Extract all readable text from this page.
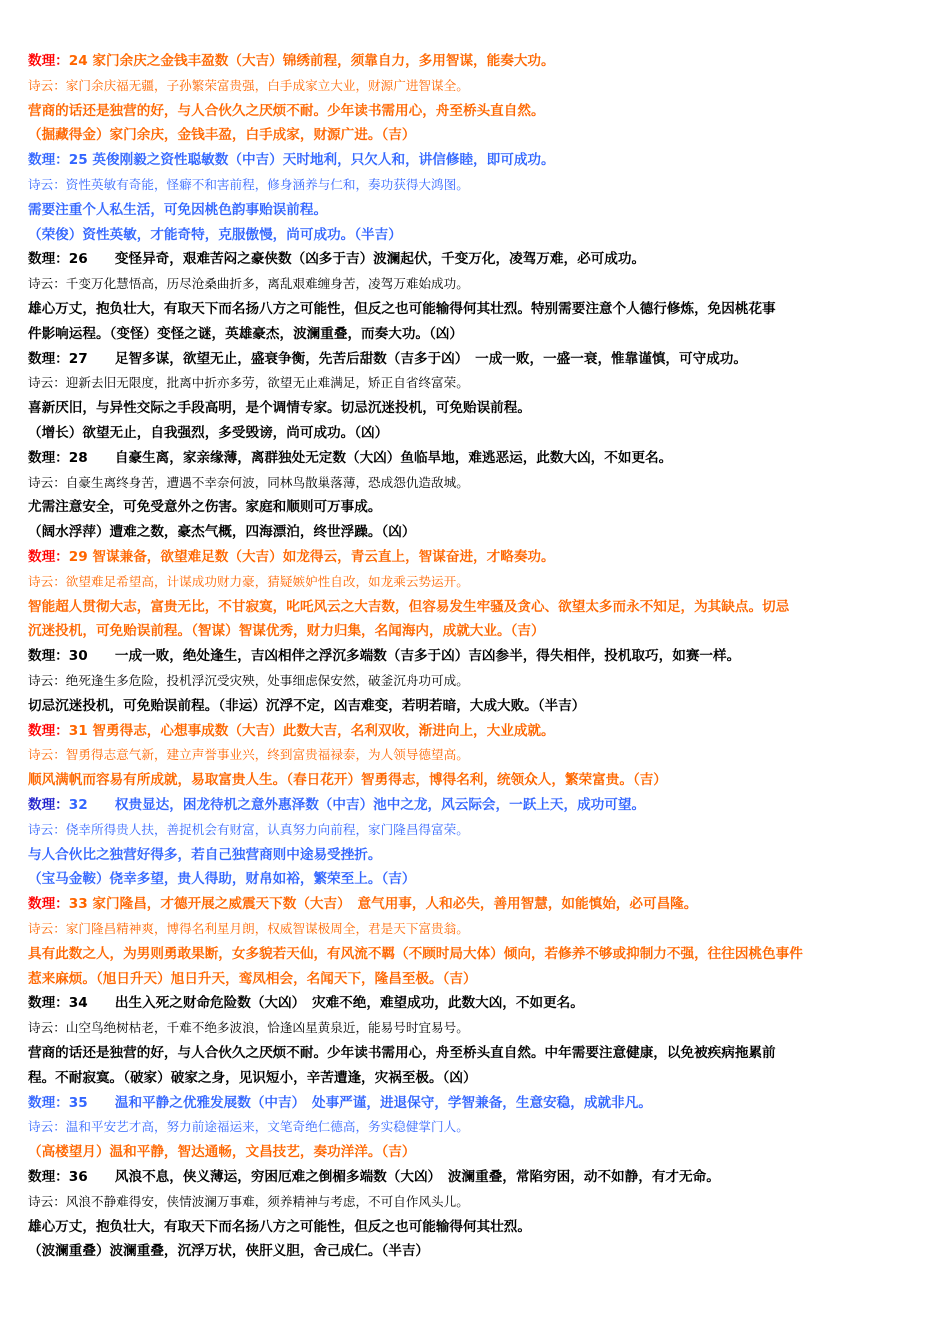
数理：24 家门余庆之金钱丰盈数（大吉）锦绣前程，须靠自力，多用智谋，能奏大功。
诗云：家门余庆福无疆，子孙繁荣富贵强，白手成家立大业，财源广进智谋全。
营商的话还是独营的好，与人合伙久之厌烦不耐。少年读书需用心，舟至桥头直自然。
（掘藏得金）家门余庆，金钱丰盈，白手成家，财源广进。（吉）
数理：25 英俊刚毅之资性聪敏数（中吉）天时地利，只欠人和，讲信修睦，即可成功。
诗云：资性英敏有奇能，怪癖不和害前程，修身涵养与仁和，奏功获得大鸿图。
需要注重个人私生活，可免因桃色韵事贻误前程。
（荣俊）资性英敏，才能奇特，克服傲慢，尚可成功。（半吉）
数理：26　　变怪异奇，艰难苦闷之豪侠数（凶多于吉）波澜起伏，千变万化，凌驾万难，必可成功。
诗云：千变万化慧悟高，历尽沧桑曲折多，离乱艰难缠身苦，凌驾万难始成功。
雄心万丈，抱负壮大，有取天下而名扬八方之可能性，但反之也可能输得何其壮烈。特别需要注意个人德行修炼，免因桃花事
件影响运程。（变怪）变怪之谜，英雄豪杰，波澜重叠，而奏大功。（凶）
数理：27　　足智多谋，欲望无止，盛衰争衡，先苦后甜数（吉多于凶）　一成一败，一盛一衰，惟靠谨慎，可守成功。
诗云：迎新去旧无限度，批离中折亦多劳，欲望无止难满足，矫正自省终富荣。
喜新厌旧，与异性交际之手段高明，是个调情专家。切忌沉迷投机，可免贻误前程。
（增长）欲望无止，自我强烈，多受毁谤，尚可成功。（凶）
数理：28　　自豪生离，家亲缘薄，离群独处无定数（大凶）鱼临旱地，难逃恶运，此数大凶，不如更名。
诗云：自豪生离终身苦，遭遇不幸奈何波，同林鸟散巢落薄，恐成怨仇造敌城。
尤需注意安全，可免受意外之伤害。家庭和顺则可万事成。
（阔水浮萍）遭难之数，豪杰气概，四海漂泊，终世浮躁。（凶）
数理：29 智谋兼备，欲望难足数（大吉）如龙得云，青云直上，智谋奋进，才略奏功。
诗云：欲望难足希望高，计谋成功财力豪，猜疑嫉妒性自改，如龙乘云势运开。
智能超人贯彻大志，富贵无比，不甘寂寞，叱吒风云之大吉数，但容易发生牢骚及贪心、欲望太多而永不知足，为其缺点。切忌
沉迷投机，可免贻误前程。（智谋）智谋优秀，财力归集，名闻海内，成就大业。（吉）
数理：30　　一成一败，绝处逢生，吉凶相伴之浮沉多端数（吉多于凶）吉凶参半，得失相伴，投机取巧，如赛一样。
诗云：绝死逢生多危险，投机浮沉受灾殃，处事细虑保安然，破釜沉舟功可成。
切忌沉迷投机，可免贻误前程。（非运）沉浮不定，凶吉难变，若明若暗，大成大败。（半吉）
数理：31 智勇得志，心想事成数（大吉）此数大吉，名利双收，渐进向上，大业成就。
诗云：智勇得志意气新，建立声誉事业兴，终到富贵福禄泰，为人领导德望高。
顺风满帆而容易有所成就，易取富贵人生。（春日花开）智勇得志，博得名利，统领众人，繁荣富贵。（吉）
数理：32　　权贵显达，困龙待机之意外惠泽数（中吉）池中之龙，风云际会，一跃上天，成功可望。
诗云：侥幸所得贵人扶，善捉机会有财富，认真努力向前程，家门隆昌得富荣。
与人合伙比之独营好得多，若自己独营商则中途易受挫折。
（宝马金鞍）侥幸多望，贵人得助，财帛如裕，繁荣至上。（吉）
数理：33 家门隆昌，才德开展之威震天下数（大吉）　意气用事，人和必失，善用智慧，如能慎始，必可昌隆。
诗云：家门隆昌精神爽，博得名利星月朗，权威智谋极周全，君是天下富贵翁。
具有此数之人，为男则勇敢果断，女多貌若天仙，有风流不羁（不顾时局大体）倾向，若修养不够或抑制力不强，往往因桃色事件
惹来麻烦。（旭日升天）旭日升天，鸾凤相会，名闻天下，隆昌至极。（吉）
数理：34　　出生入死之财命危险数（大凶）　灾难不绝，难望成功，此数大凶，不如更名。
诗云：山空鸟绝树枯老，千难不绝多波浪，恰逢凶星黄泉近，能易号时宜易号。
营商的话还是独营的好，与人合伙久之厌烦不耐。少年读书需用心，舟至桥头直自然。中年需要注意健康，以免被疾病拖累前
程。不耐寂寞。（破家）破家之身，见识短小，辛苦遭逢，灾祸至极。（凶）
数理：35　　温和平静之优雅发展数（中吉）　处事严谨，进退保守，学智兼备，生意安稳，成就非凡。
诗云：温和平安艺才高，努力前途福运来，文笔奇绝仁德高，务实稳健掌门人。
（高楼望月）温和平静，智达通畅，文昌技艺，奏功洋洋。（吉）
数理：36　　风浪不息，侠义薄运，穷困厄难之倒楣多端数（大凶）　波澜重叠，常陷穷困，动不如静，有才无命。
诗云：风浪不静难得安，侠情波澜万事难，须养精神与考虑，不可自作风头儿。
雄心万丈，抱负壮大，有取天下而名扬八方之可能性，但反之也可能输得何其壮烈。
（波澜重叠）波澜重叠，沉浮万状，侠肝义胆，舍己成仁。（半吉）
